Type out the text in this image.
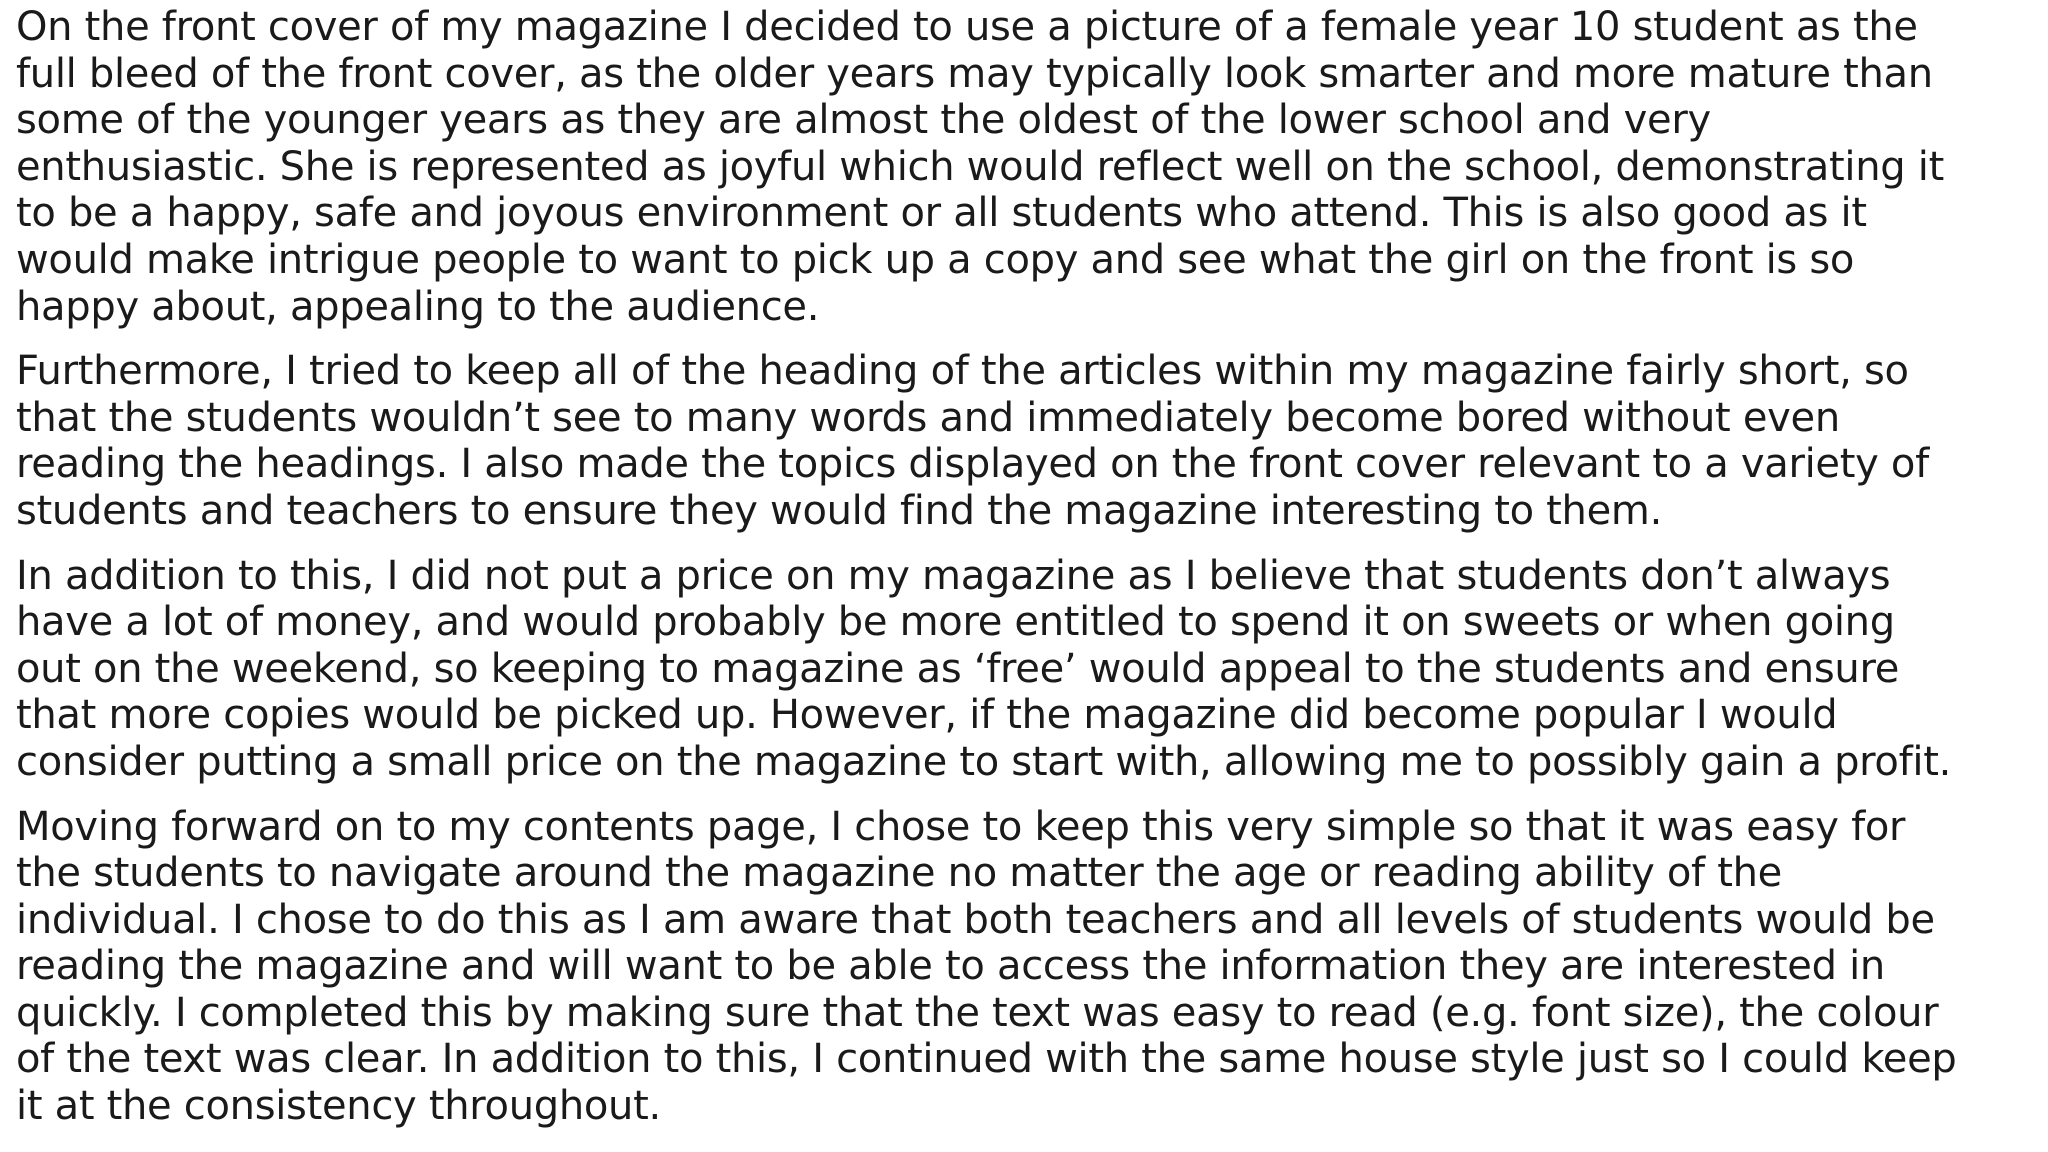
On the front cover of my magazine I decided to use a picture of a female year 10 student as the
full bleed of the front cover, as the older years may typically look smarter and more mature than
some of the younger years as they are almost the oldest of the lower school and very
enthusiastic. She is represented as joyful which would reflect well on the school, demonstrating it
to be a happy, safe and joyous environment or all students who attend. This is also good as it
would make intrigue people to want to pick up a copy and see what the girl on the front is so
happy about, appealing to the audience.

Furthermore, I tried to keep all of the heading of the articles within my magazine fairly short, so
that the students wouldn’t see to many words and immediately become bored without even
reading the headings. I also made the topics displayed on the front cover relevant to a variety of
students and teachers to ensure they would find the magazine interesting to them.

In addition to this, I did not put a price on my magazine as I believe that students don’t always
have a lot of money, and would probably be more entitled to spend it on sweets or when going
out on the weekend, so keeping to magazine as ‘free’ would appeal to the students and ensure
that more copies would be picked up. However, if the magazine did become popular I would
consider putting a small price on the magazine to start with, allowing me to possibly gain a profit.

Moving forward on to my contents page, I chose to keep this very simple so that it was easy for
the students to navigate around the magazine no matter the age or reading ability of the
individual. I chose to do this as I am aware that both teachers and all levels of students would be
reading the magazine and will want to be able to access the information they are interested in
quickly. I completed this by making sure that the text was easy to read (e.g. font size), the colour
of the text was clear. In addition to this, I continued with the same house style just so I could keep
it at the consistency throughout.
